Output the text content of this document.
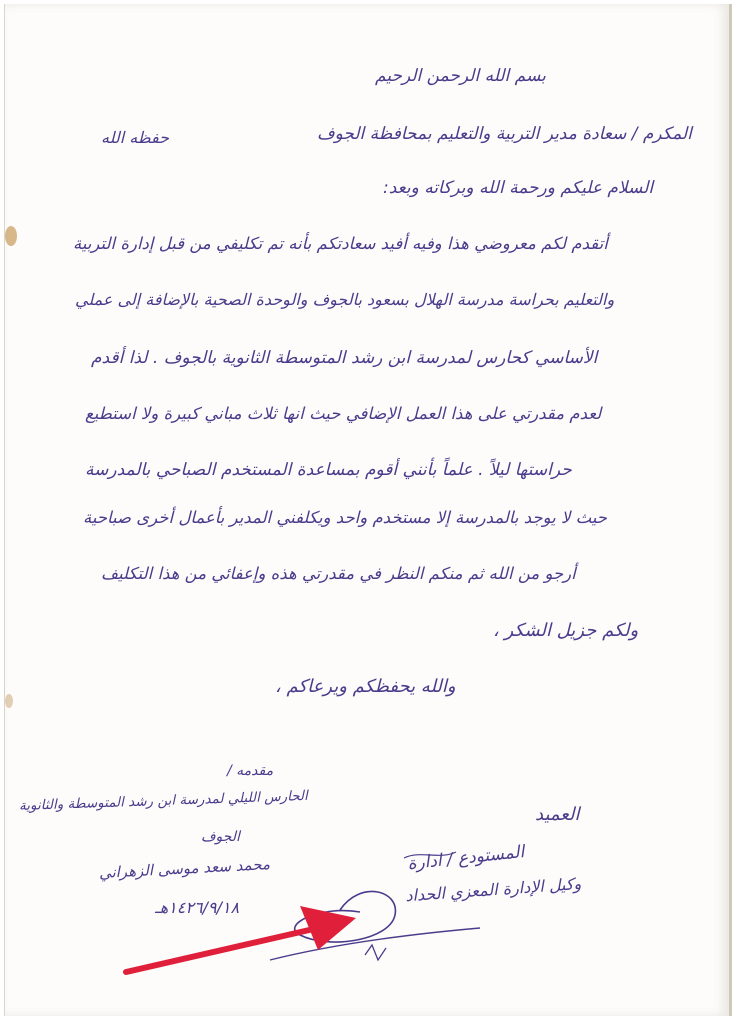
بسم الله الرحمن الرحيم
المكرم / سعادة مدير التربية والتعليم بمحافظة الجوف
حفظه الله
السلام عليكم ورحمة الله وبركاته وبعد:
أتقدم لكم معروضي هذا وفيه أفيد سعادتكم بأنه تم تكليفي من قبل إدارة التربية
والتعليم بحراسة مدرسة الهلال بسعود بالجوف والوحدة الصحية بالإضافة إلى عملي
الأساسي كحارس لمدرسة ابن رشد المتوسطة الثانوية بالجوف . لذا أقدم
لعدم مقدرتي على هذا العمل الإضافي حيث انها ثلاث مباني كبيرة ولا استطيع
حراستها ليلاً . علماً بأنني أقوم بمساعدة المستخدم الصباحي بالمدرسة
حيث لا يوجد بالمدرسة إلا مستخدم واحد ويكلفني المدير بأعمال أخرى صباحية
أرجو من الله ثم منكم النظر في مقدرتي هذه وإعفائي من هذا التكليف
ولكم جزيل الشكر ،
والله يحفظكم ويرعاكم ،
مقدمه /
الحارس الليلي لمدرسة ابن رشد المتوسطة والثانوية
الجوف
محمد سعد موسى الزهراني
١٤٢٦/٩/١٨هـ
العميد
المستودع / ادارة
وكيل الإدارة المعزي الحداد
